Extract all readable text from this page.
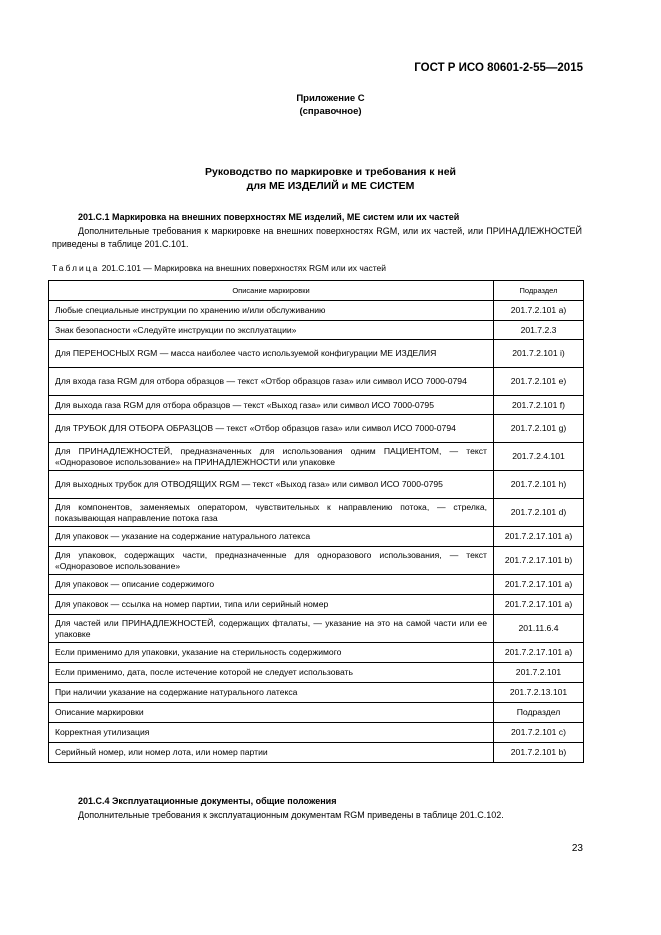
ГОСТ Р ИСО 80601-2-55—2015
Приложение С
(справочное)
Руководство по маркировке и требования к ней
для МЕ ИЗДЕЛИЙ и МЕ СИСТЕМ
201.С.1 Маркировка на внешних поверхностях МЕ изделий, МЕ систем или их частей
Дополнительные требования к маркировке на внешних поверхностях RGM, или их частей, или ПРИНАДЛЕЖНОСТЕЙ приведены в таблице 201.С.101.
Таблица 201.С.101 — Маркировка на внешних поверхностях RGM или их частей
Описание маркировки	Подраздел
Любые специальные инструкции по хранению и/или обслуживанию	201.7.2.101 a)
Знак безопасности «Следуйте инструкции по эксплуатации»	201.7.2.3
Для ПЕРЕНОСНЫХ RGM — масса наиболее часто используемой конфигурации МЕ ИЗДЕЛИЯ	201.7.2.101 i)
Для входа газа RGM для отбора образцов — текст «Отбор образцов газа» или символ ИСО 7000-0794	201.7.2.101 e)
Для выхода газа RGM для отбора образцов — текст «Выход газа» или символ ИСО 7000-0795	201.7.2.101 f)
Для ТРУБОК ДЛЯ ОТБОРА ОБРАЗЦОВ — текст «Отбор образцов газа» или символ ИСО 7000-0794	201.7.2.101 g)
Для ПРИНАДЛЕЖНОСТЕЙ, предназначенных для использования одним ПАЦИЕНТОМ, — текст «Одноразовое использование» на ПРИНАДЛЕЖНОСТИ или упаковке	201.7.2.4.101
Для выходных трубок для ОТВОДЯЩИХ RGM — текст «Выход газа» или символ ИСО 7000-0795	201.7.2.101 h)
Для компонентов, заменяемых оператором, чувствительных к направлению потока, — стрелка, показывающая направление потока газа	201.7.2.101 d)
Для упаковок — указание на содержание натурального латекса	201.7.2.17.101 a)
Для упаковок, содержащих части, предназначенные для одноразового использования, — текст «Одноразовое использование»	201.7.2.17.101 b)
Для упаковок — описание содержимого	201.7.2.17.101 a)
Для упаковок — ссылка на номер партии, типа или серийный номер	201.7.2.17.101 a)
Для частей или ПРИНАДЛЕЖНОСТЕЙ, содержащих фталаты, — указание на это на самой части или ее упаковке	201.11.6.4
Если применимо для упаковки, указание на стерильность содержимого	201.7.2.17.101 a)
Если применимо, дата, после истечение которой не следует использовать	201.7.2.101
При наличии указание на содержание натурального латекса	201.7.2.13.101
Описание маркировки	Подраздел
Корректная утилизация	201.7.2.101 c)
Серийный номер, или номер лота, или номер партии	201.7.2.101 b)
201.С.4 Эксплуатационные документы, общие положения
Дополнительные требования к эксплуатационным документам RGM приведены в таблице 201.С.102.
23
